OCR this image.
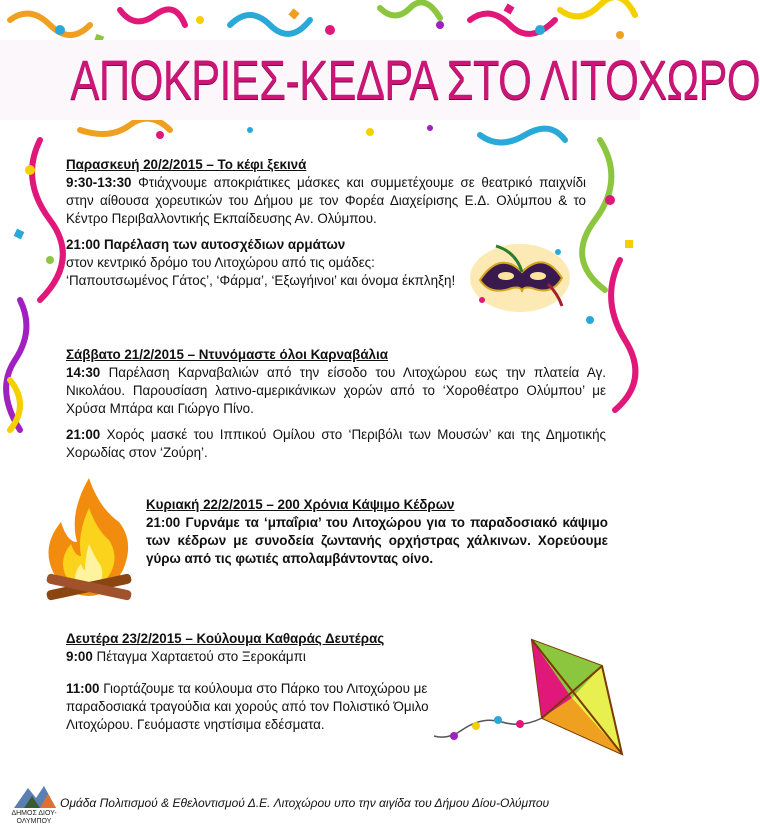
ΑΠΟΚΡΙΕΣ-ΚΕΔΡΑ ΣΤΟ ΛΙΤΟΧΩΡΟ

Παρασκευή 20/2/2015 – Το κέφι ξεκινά

9:30-13:30 Φτιάχνουμε αποκριάτικες μάσκες και συμμετέχουμε σε θεατρικό παιχνίδι στην αίθουσα χορευτικών του Δήμου με τον Φορέα Διαχείρισης Ε.Δ. Ολύμπου & το Κέντρο Περιβαλλοντικής Εκπαίδευσης Αν. Ολύμπου.

21:00 Παρέλαση των αυτοσχέδιων αρμάτων

στον κεντρικό δρόμο του Λιτοχώρου από τις ομάδες: ‘Παπουτσωμένος Γάτος’, ‘Φάρμα’, ‘Εξωγήινοι’ και όνομα έκπληξη!

Σάββατο 21/2/2015 – Ντυνόμαστε όλοι Καρναβάλια

14:30 Παρέλαση Καρναβαλιών από την είσοδο του Λιτοχώρου εως την πλατεία Αγ. Νικολάου. Παρουσίαση λατινο-αμερικάνικων χορών από το ‘Χοροθέατρο Ολύμπου’ με Χρύσα Μπάρα και Γιώργο Πίνο.

21:00 Χορός μασκέ του Ιππικού Ομίλου στο ‘Περιβόλι των Μουσών’ και της Δημοτικής Χορωδίας στον ‘Ζούρη’.

Κυριακή 22/2/2015 – 200 Χρόνια Κάψιμο Κέδρων

21:00 Γυρνάμε τα ‘μπαΐρια’ του Λιτοχώρου για το παραδοσιακό κάψιμο των κέδρων με συνοδεία ζωντανής ορχήστρας χάλκινων. Χορεύουμε γύρω από τις φωτιές απολαμβάντοντας οίνο.

Δευτέρα 23/2/2015 – Κούλουμα Καθαράς Δευτέρας

9:00 Πέταγμα Χαρταετού στο Ξεροκάμπι

11:00 Γιορτάζουμε τα κούλουμα στο Πάρκο του Λιτοχώρου με παραδοσιακά τραγούδια και χορούς από τον Πολιστικό Όμιλο Λιτοχώρου. Γευόμαστε νηστίσιμα εδέσματα.

ΔΗΜΟΣ ΔΙΟΥ-ΟΛΥΜΠΟΥ
Ομάδα Πολιτισμού & Εθελοντισμού Δ.Ε. Λιτοχώρου υπο την αιγίδα του Δήμου Δίου-Ολύμπου
